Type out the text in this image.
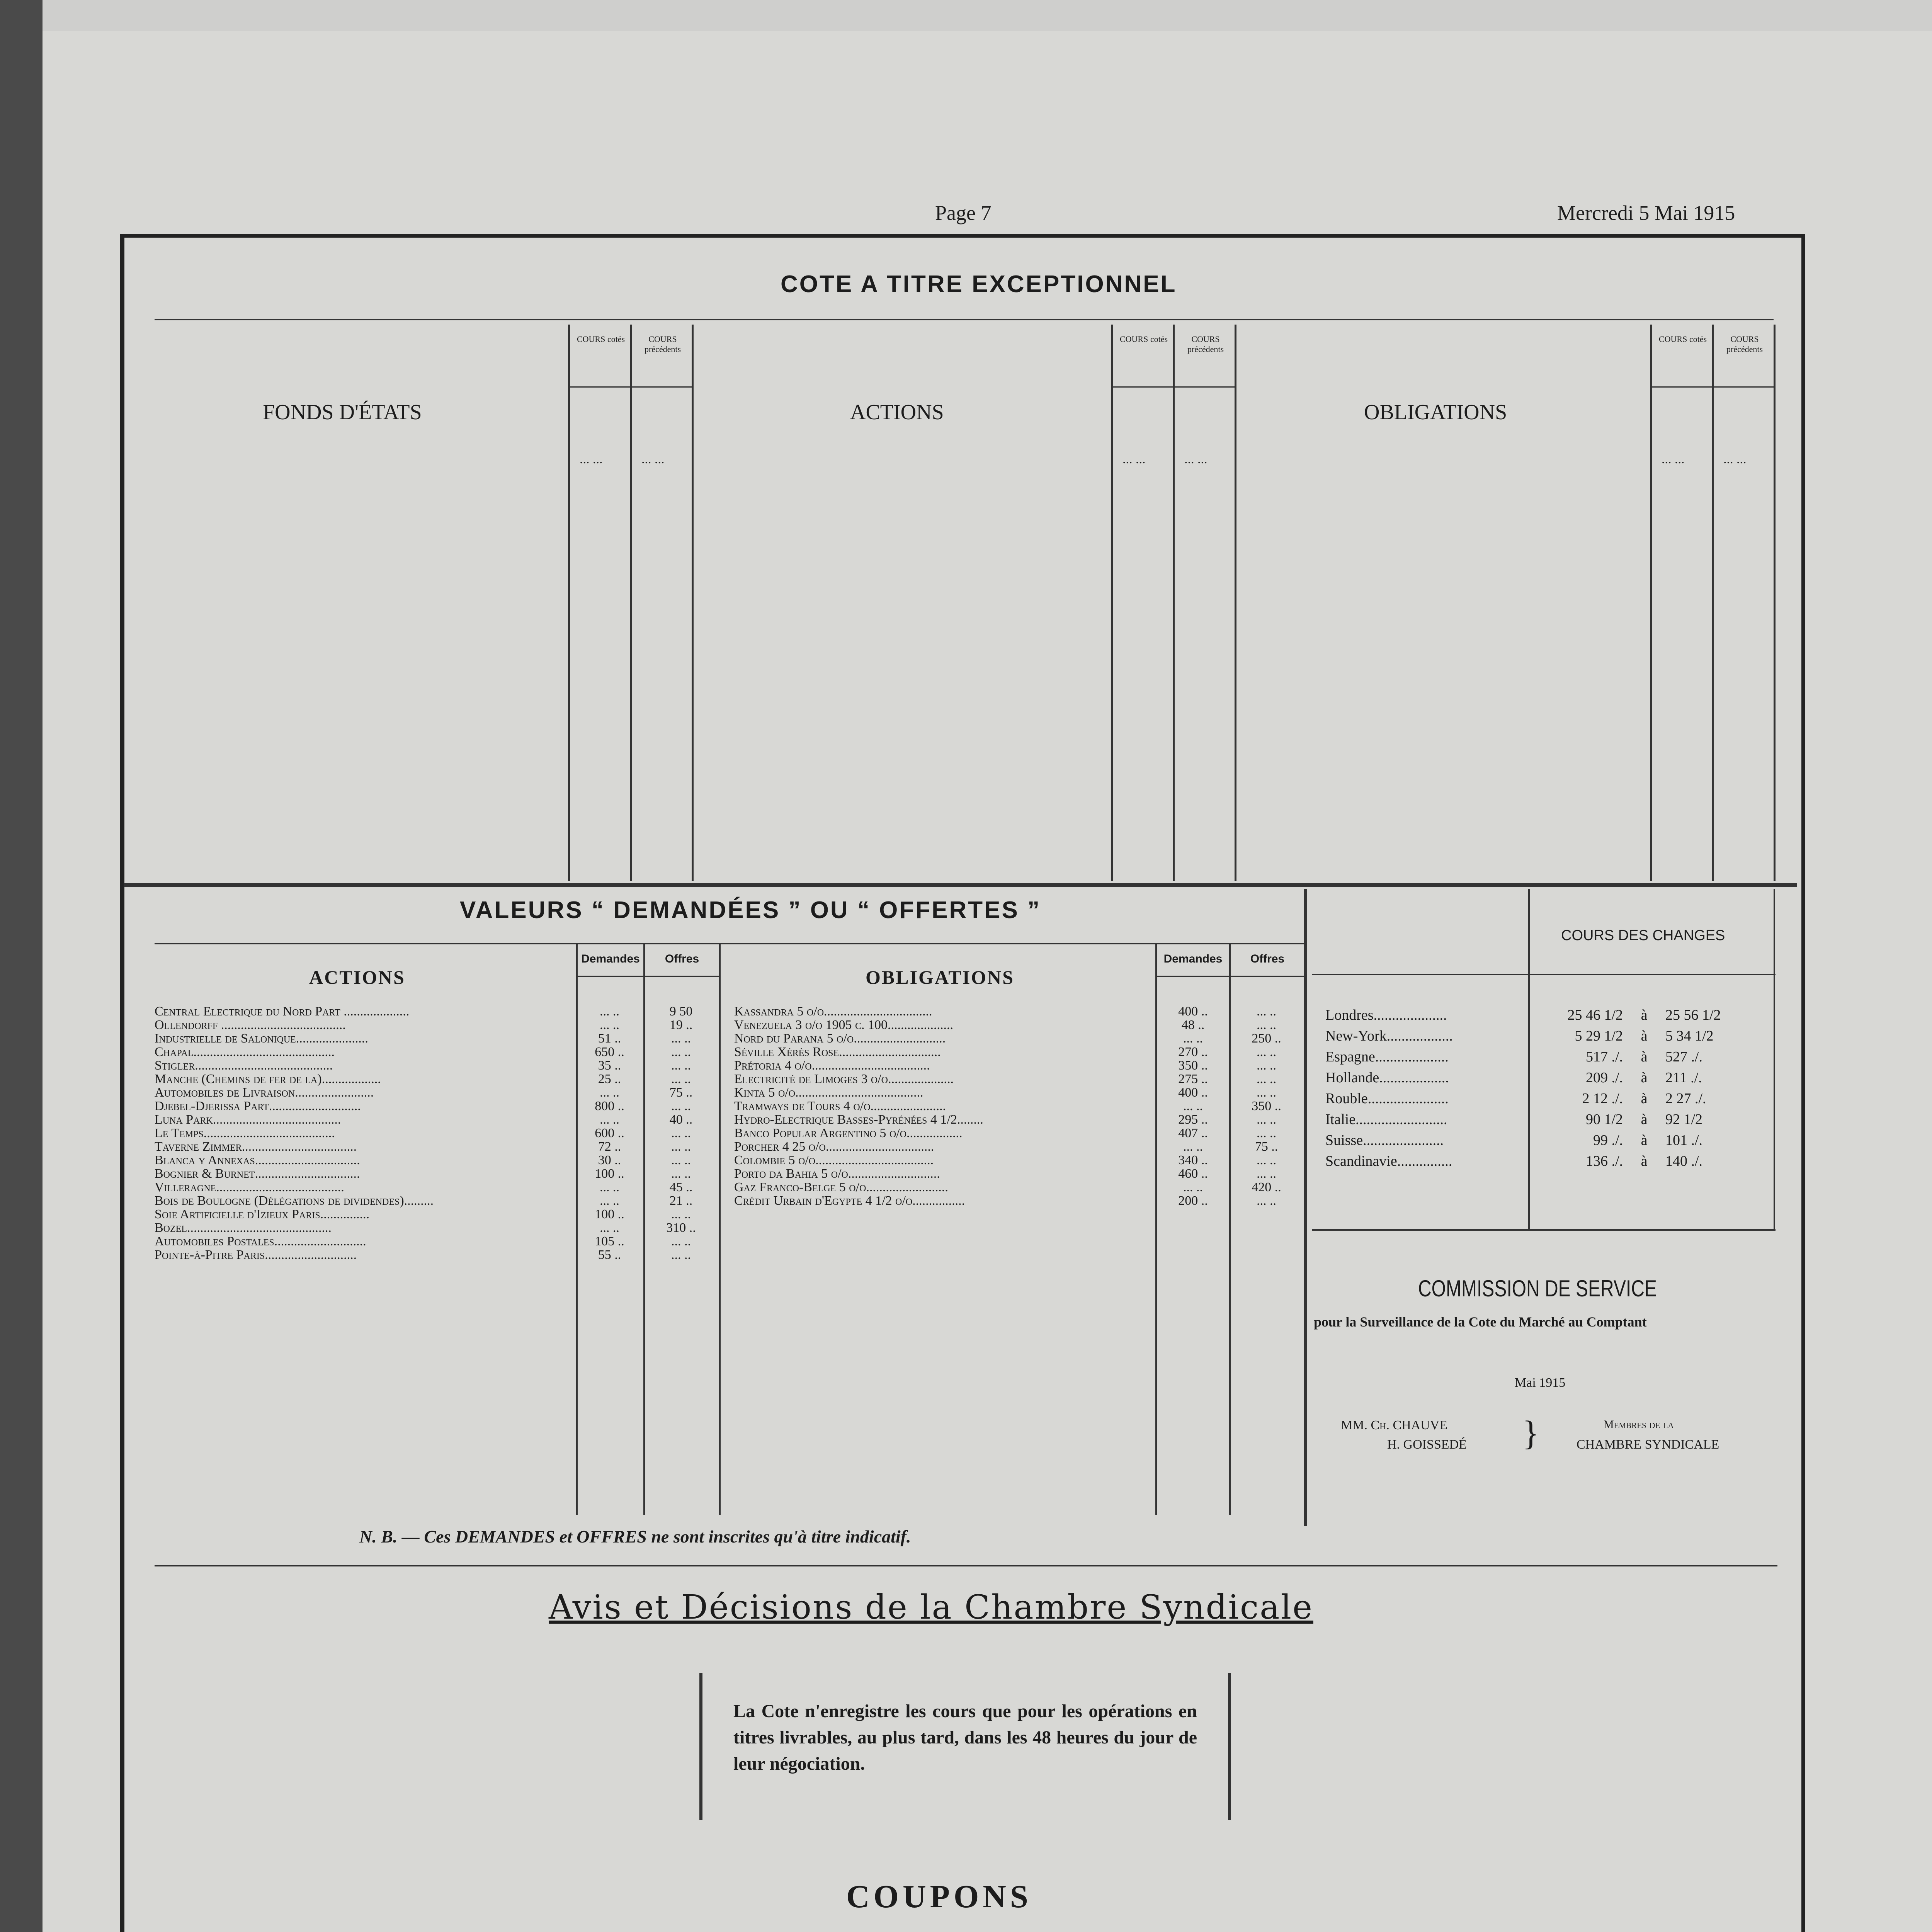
Page 7	Mercredi 5 Mai 1915
COTE A TITRE EXCEPTIONNEL
FONDS D'ÉTATS	ACTIONS	OBLIGATIONS
COURS cotés	COURS précédents
COURS cotés	COURS précédents
COURS cotés	COURS précédents
... ...	... ...	... ...	... ...	... ...	... ...
VALEURS “ DEMANDÉES ” OU “ OFFERTES ”
ACTIONS	OBLIGATIONS
Demandes	Offres	Demandes	Offres
Central Electrique du Nord Part ....................	... ..	9 50
Ollendorff ......................................	... ..	19 ..
Industrielle de Salonique......................	51 ..	... ..
Chapal...........................................	650 ..	... ..
Stigler..........................................	35 ..	... ..
Manche (Chemins de fer de la)..................	25 ..	... ..
Automobiles de Livraison........................	... ..	75 ..
Djebel-Djerissa Part............................	800 ..	... ..
Luna Park.......................................	... ..	40 ..
Le Temps........................................	600 ..	... ..
Taverne Zimmer...................................	72 ..	... ..
Blanca y Annexas................................	30 ..	... ..
Bognier & Burnet................................	100 ..	... ..
Villeragne.......................................	... ..	45 ..
Bois de Boulogne (Délégations de dividendes).........	... ..	21 ..
Soie Artificielle d'Izieux Paris...............	100 ..	... ..
Bozel............................................	... ..	310 ..
Automobiles Postales............................	105 ..	... ..
Pointe-à-Pitre Paris............................	55 ..	... ..
Kassandra 5 o/o.................................	400 ..	... ..
Venezuela 3 o/o 1905 c. 100....................	48 ..	... ..
Nord du Parana 5 o/o............................	... ..	250 ..
Séville Xérès Rose...............................	270 ..	... ..
Prétoria 4 o/o....................................	350 ..	... ..
Electricité de Limoges 3 o/o....................	275 ..	... ..
Kinta 5 o/o.......................................	400 ..	... ..
Tramways de Tours 4 o/o.......................	... ..	350 ..
Hydro-Electrique Basses-Pyrénées 4 1/2........	295 ..	... ..
Banco Popular Argentino 5 o/o.................	407 ..	... ..
Porcher 4 25 o/o.................................	... ..	75 ..
Colombie 5 o/o....................................	340 ..	... ..
Porto da Bahia 5 o/o............................	460 ..	... ..
Gaz Franco-Belge 5 o/o.........................	... ..	420 ..
Crédit Urbain d'Egypte 4 1/2 o/o................	200 ..	... ..
N. B. — Ces DEMANDES et OFFRES ne sont inscrites qu'à titre indicatif.
COURS DES CHANGES
Londres....................	25 46 1/2	à	25 56 1/2
New-York..................	5 29 1/2	à	5 34 1/2
Espagne....................	517 ./.	à	527 ./.
Hollande...................	209 ./.	à	211 ./.
Rouble......................	2 12 ./.	à	2 27 ./.
Italie.........................	90 1/2	à	92 1/2
Suisse......................	99 ./.	à	101 ./.
Scandinavie...............	136 ./.	à	140 ./.
COMMISSION DE SERVICE
pour la Surveillance de la Cote du Marché au Comptant
Mai 1915
MM. Ch. CHAUVE
H. GOISSEDÉ }	Membres de la
CHAMBRE SYNDICALE
Avis et Décisions de la Chambre Syndicale
La Cote n'enregistre les cours que pour les opérations en titres livrables, au plus tard, dans les 48 heures du jour de leur négociation.
COUPONS
